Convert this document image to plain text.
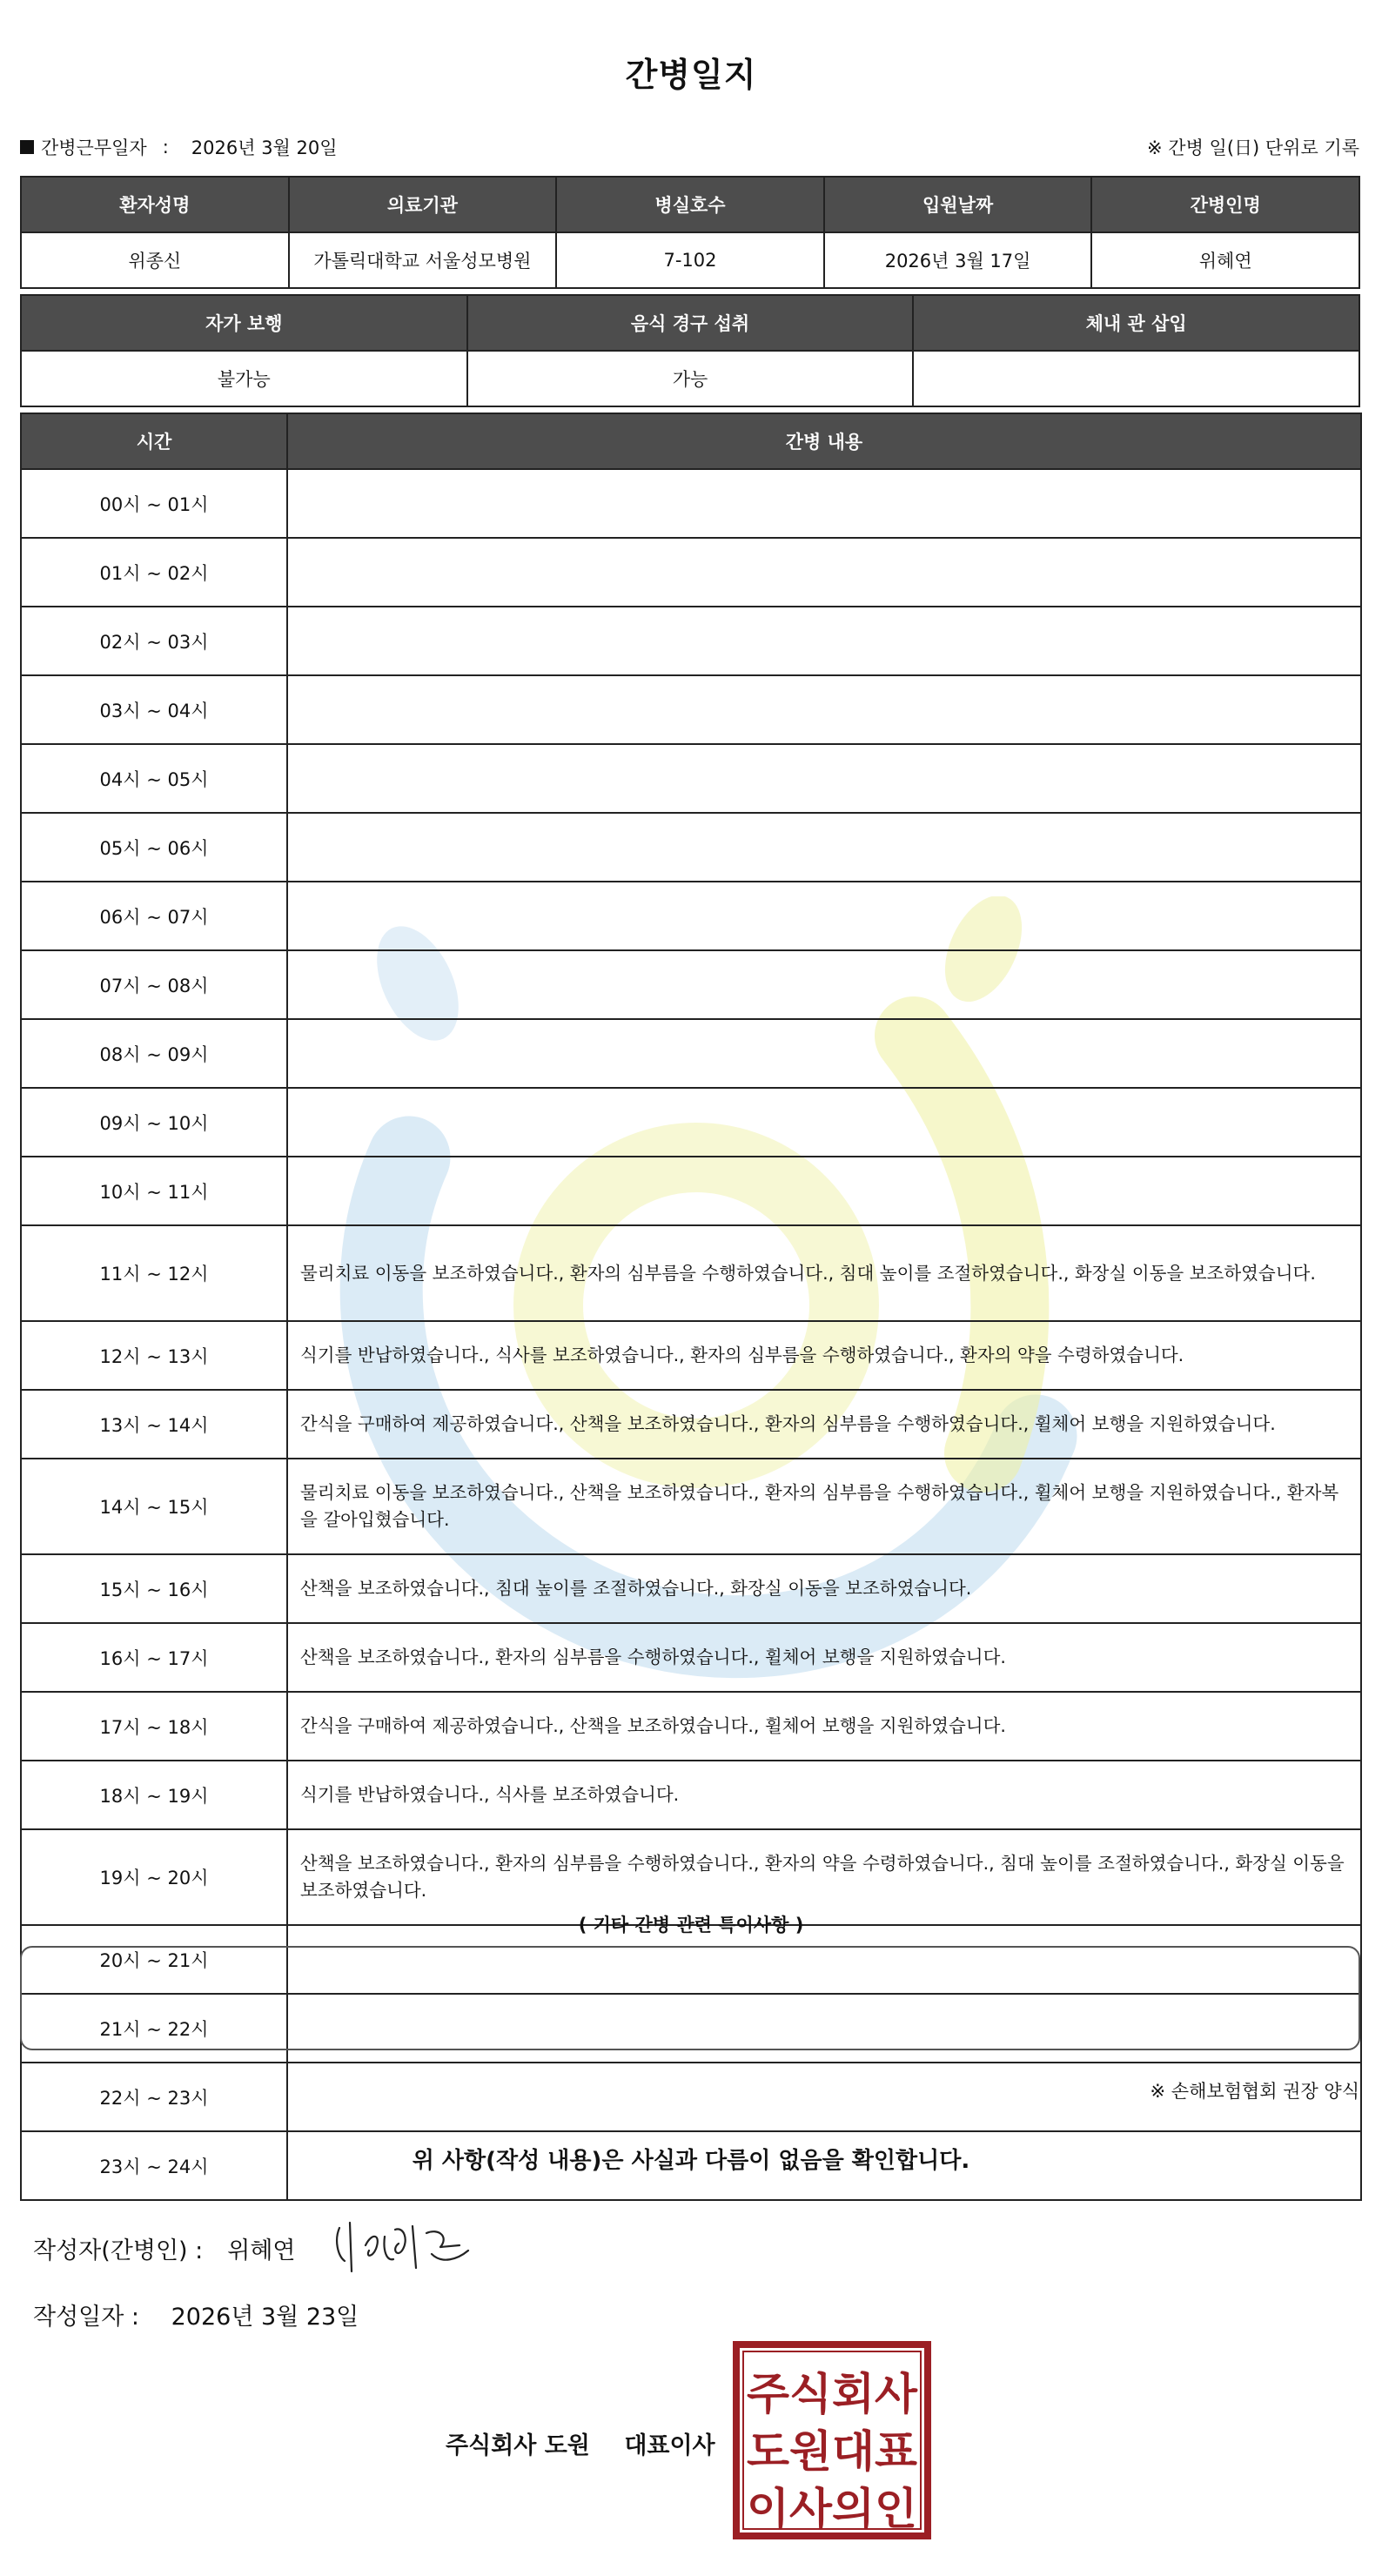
간병일지
간병근무일자 : 2026년 3월 20일	※ 간병 일(日) 단위로 기록
환자성명	의료기관	병실호수	입원날짜	간병인명
위종신	가톨릭대학교 서울성모병원	7-102	2026년 3월 17일	위혜연
자가 보행	음식 경구 섭취	체내 관 삽입
불가능	가능	
시간	간병 내용
00시 ~ 01시	
01시 ~ 02시	
02시 ~ 03시	
03시 ~ 04시	
04시 ~ 05시	
05시 ~ 06시	
06시 ~ 07시	
07시 ~ 08시	
08시 ~ 09시	
09시 ~ 10시	
10시 ~ 11시	
11시 ~ 12시	물리치료 이동을 보조하였습니다., 환자의 심부름을 수행하였습니다., 침대 높이를 조절하였습니다., 화장실 이동을 보조하였습니다.
12시 ~ 13시	식기를 반납하였습니다., 식사를 보조하였습니다., 환자의 심부름을 수행하였습니다., 환자의 약을 수령하였습니다.
13시 ~ 14시	간식을 구매하여 제공하였습니다., 산책을 보조하였습니다., 환자의 심부름을 수행하였습니다., 휠체어 보행을 지원하였습니다.
14시 ~ 15시	물리치료 이동을 보조하였습니다., 산책을 보조하였습니다., 환자의 심부름을 수행하였습니다., 휠체어 보행을 지원하였습니다., 환자복을 갈아입혔습니다.
15시 ~ 16시	산책을 보조하였습니다., 침대 높이를 조절하였습니다., 화장실 이동을 보조하였습니다.
16시 ~ 17시	산책을 보조하였습니다., 환자의 심부름을 수행하였습니다., 휠체어 보행을 지원하였습니다.
17시 ~ 18시	간식을 구매하여 제공하였습니다., 산책을 보조하였습니다., 휠체어 보행을 지원하였습니다.
18시 ~ 19시	식기를 반납하였습니다., 식사를 보조하였습니다.
19시 ~ 20시	산책을 보조하였습니다., 환자의 심부름을 수행하였습니다., 환자의 약을 수령하였습니다., 침대 높이를 조절하였습니다., 화장실 이동을 보조하였습니다.
20시 ~ 21시	
21시 ~ 22시	
22시 ~ 23시	
23시 ~ 24시	
( 기타 간병 관련 특이사항 )
※ 손해보험협회 권장 양식
위 사항(작성 내용)은 사실과 다름이 없음을 확인합니다.
작성자(간병인) : 위혜연
작성일자 : 2026년 3월 23일
주식회사 도원 대표이사
주식회사
도원대표
이사의인
